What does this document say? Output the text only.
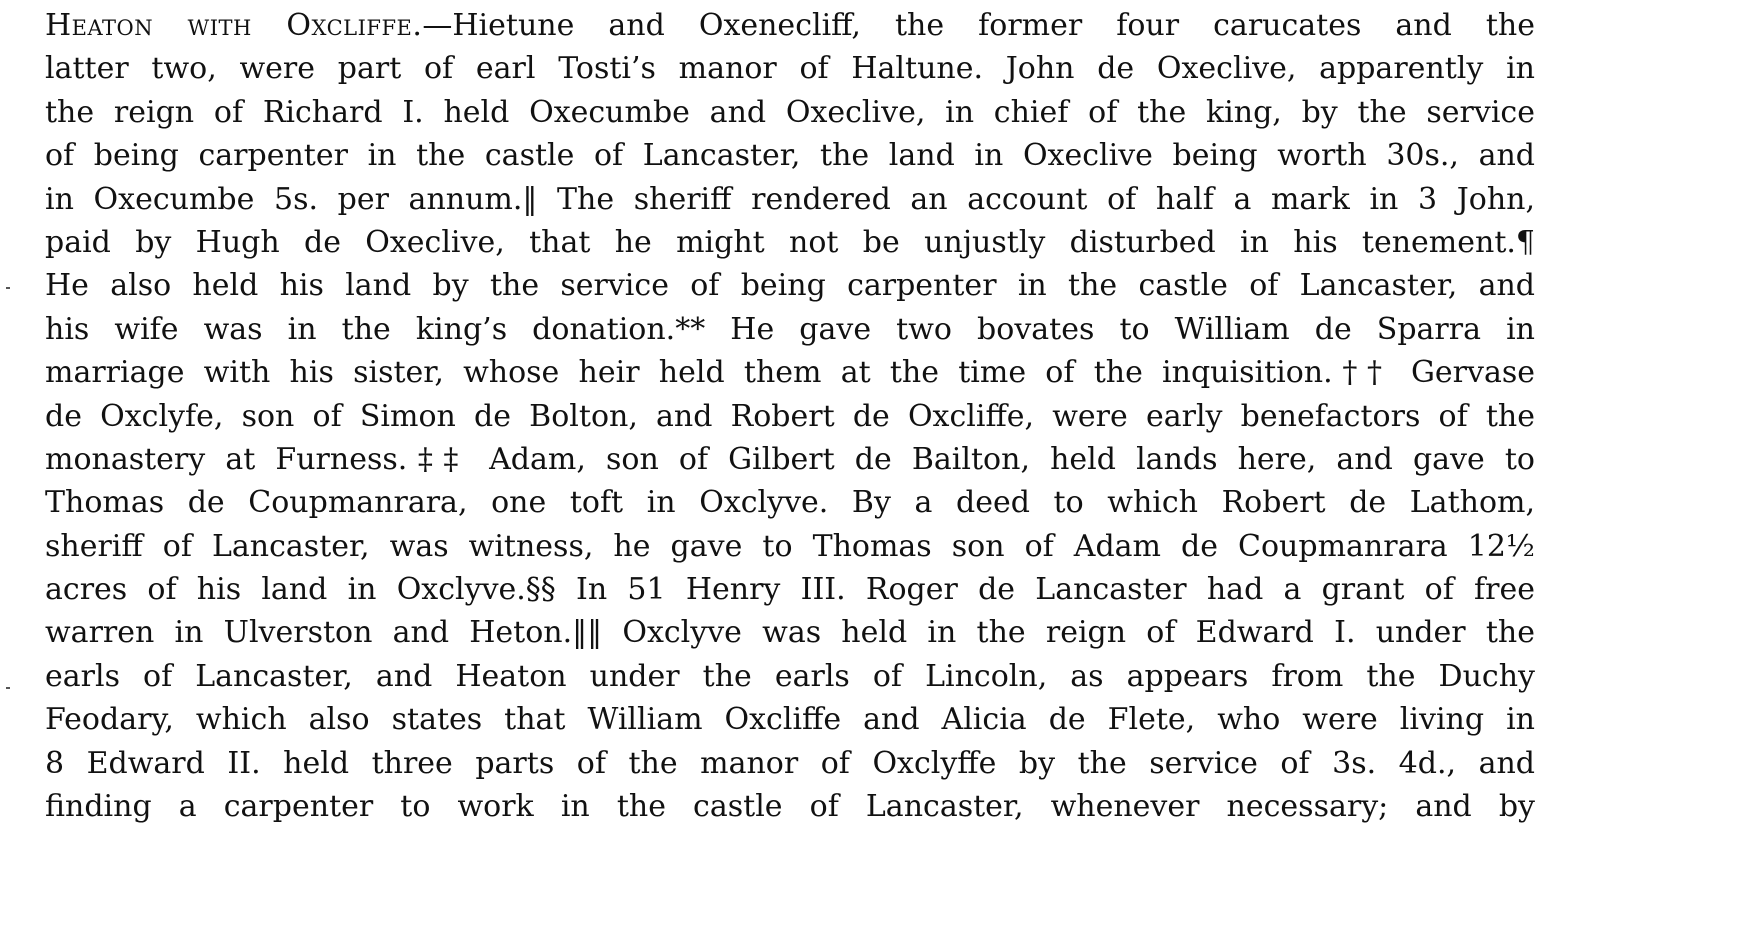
Heaton with Oxcliffe.—Hietune and Oxenecliff, the former four carucates and the
latter two, were part of earl Tosti’s manor of Haltune. John de Oxeclive, apparently in
the reign of Richard I. held Oxecumbe and Oxeclive, in chief of the king, by the service
of being carpenter in the castle of Lancaster, the land in Oxeclive being worth 30s., and
in Oxecumbe 5s. per annum.‖ The sheriff rendered an account of half a mark in 3 John,
paid by Hugh de Oxeclive, that he might not be unjustly disturbed in his tenement.¶
He also held his land by the service of being carpenter in the castle of Lancaster, and
his wife was in the king’s donation.** He gave two bovates to William de Sparra in
marriage with his sister, whose heir held them at the time of the inquisition.†† Gervase
de Oxclyfe, son of Simon de Bolton, and Robert de Oxcliffe, were early benefactors of the
monastery at Furness.‡‡ Adam, son of Gilbert de Bailton, held lands here, and gave to
Thomas de Coupmanrara, one toft in Oxclyve. By a deed to which Robert de Lathom,
sheriff of Lancaster, was witness, he gave to Thomas son of Adam de Coupmanrara 12½
acres of his land in Oxclyve.§§ In 51 Henry III. Roger de Lancaster had a grant of free
warren in Ulverston and Heton.‖‖ Oxclyve was held in the reign of Edward I. under the
earls of Lancaster, and Heaton under the earls of Lincoln, as appears from the Duchy
Feodary, which also states that William Oxcliffe and Alicia de Flete, who were living in
8 Edward II. held three parts of the manor of Oxclyffe by the service of 3s. 4d., and
finding a carpenter to work in the castle of Lancaster, whenever necessary; and by
